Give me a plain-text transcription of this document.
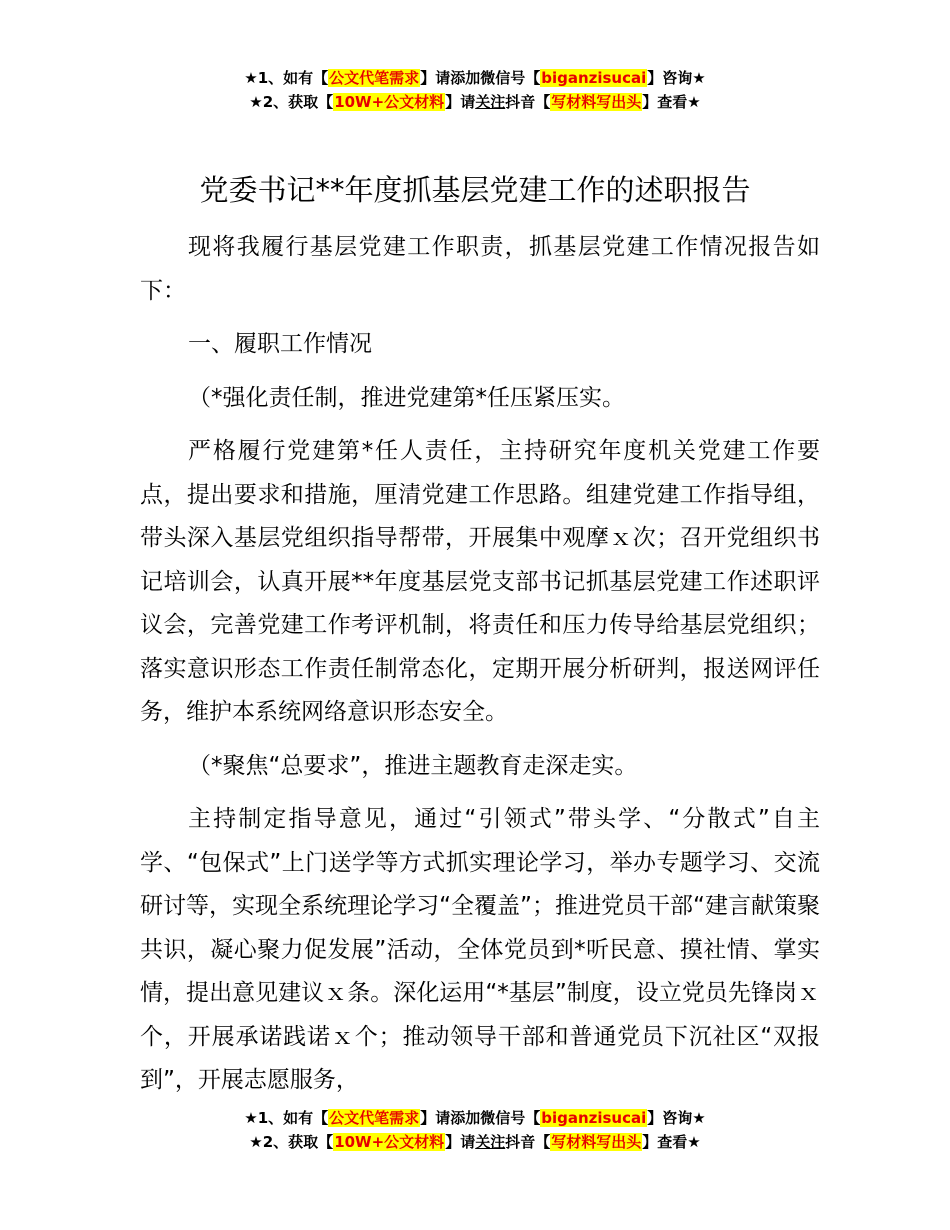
★1、如有【公文代笔需求】请添加微信号【biganzisucai】咨询★
★2、获取【10W+公文材料】请关注抖音【写材料写出头】查看★
党委书记**年度抓基层党建工作的述职报告

现将我履行基层党建工作职责，抓基层党建工作情况报告如下：

一、履职工作情况

（*强化责任制，推进党建第*任压紧压实。

严格履行党建第*任人责任，主持研究年度机关党建工作要点，提出要求和措施，厘清党建工作思路。组建党建工作指导组，带头深入基层党组织指导帮带，开展集中观摩ｘ次；召开党组织书记培训会，认真开展**年度基层党支部书记抓基层党建工作述职评议会，完善党建工作考评机制，将责任和压力传导给基层党组织；落实意识形态工作责任制常态化，定期开展分析研判，报送网评任务，维护本系统网络意识形态安全。

（*聚焦“总要求”，推进主题教育走深走实。

主持制定指导意见，通过“引领式”带头学、“分散式”自主学、“包保式”上门送学等方式抓实理论学习，举办专题学习、交流研讨等，实现全系统理论学习“全覆盖”；推进党员干部“建言献策聚共识，凝心聚力促发展”活动，全体党员到*听民意、摸社情、掌实情，提出意见建议ｘ条。深化运用“*基层”制度，设立党员先锋岗ｘ个，开展承诺践诺ｘ个；推动领导干部和普通党员下沉社区“双报到”，开展志愿服务，

★1、如有【公文代笔需求】请添加微信号【biganzisucai】咨询★
★2、获取【10W+公文材料】请关注抖音【写材料写出头】查看★
